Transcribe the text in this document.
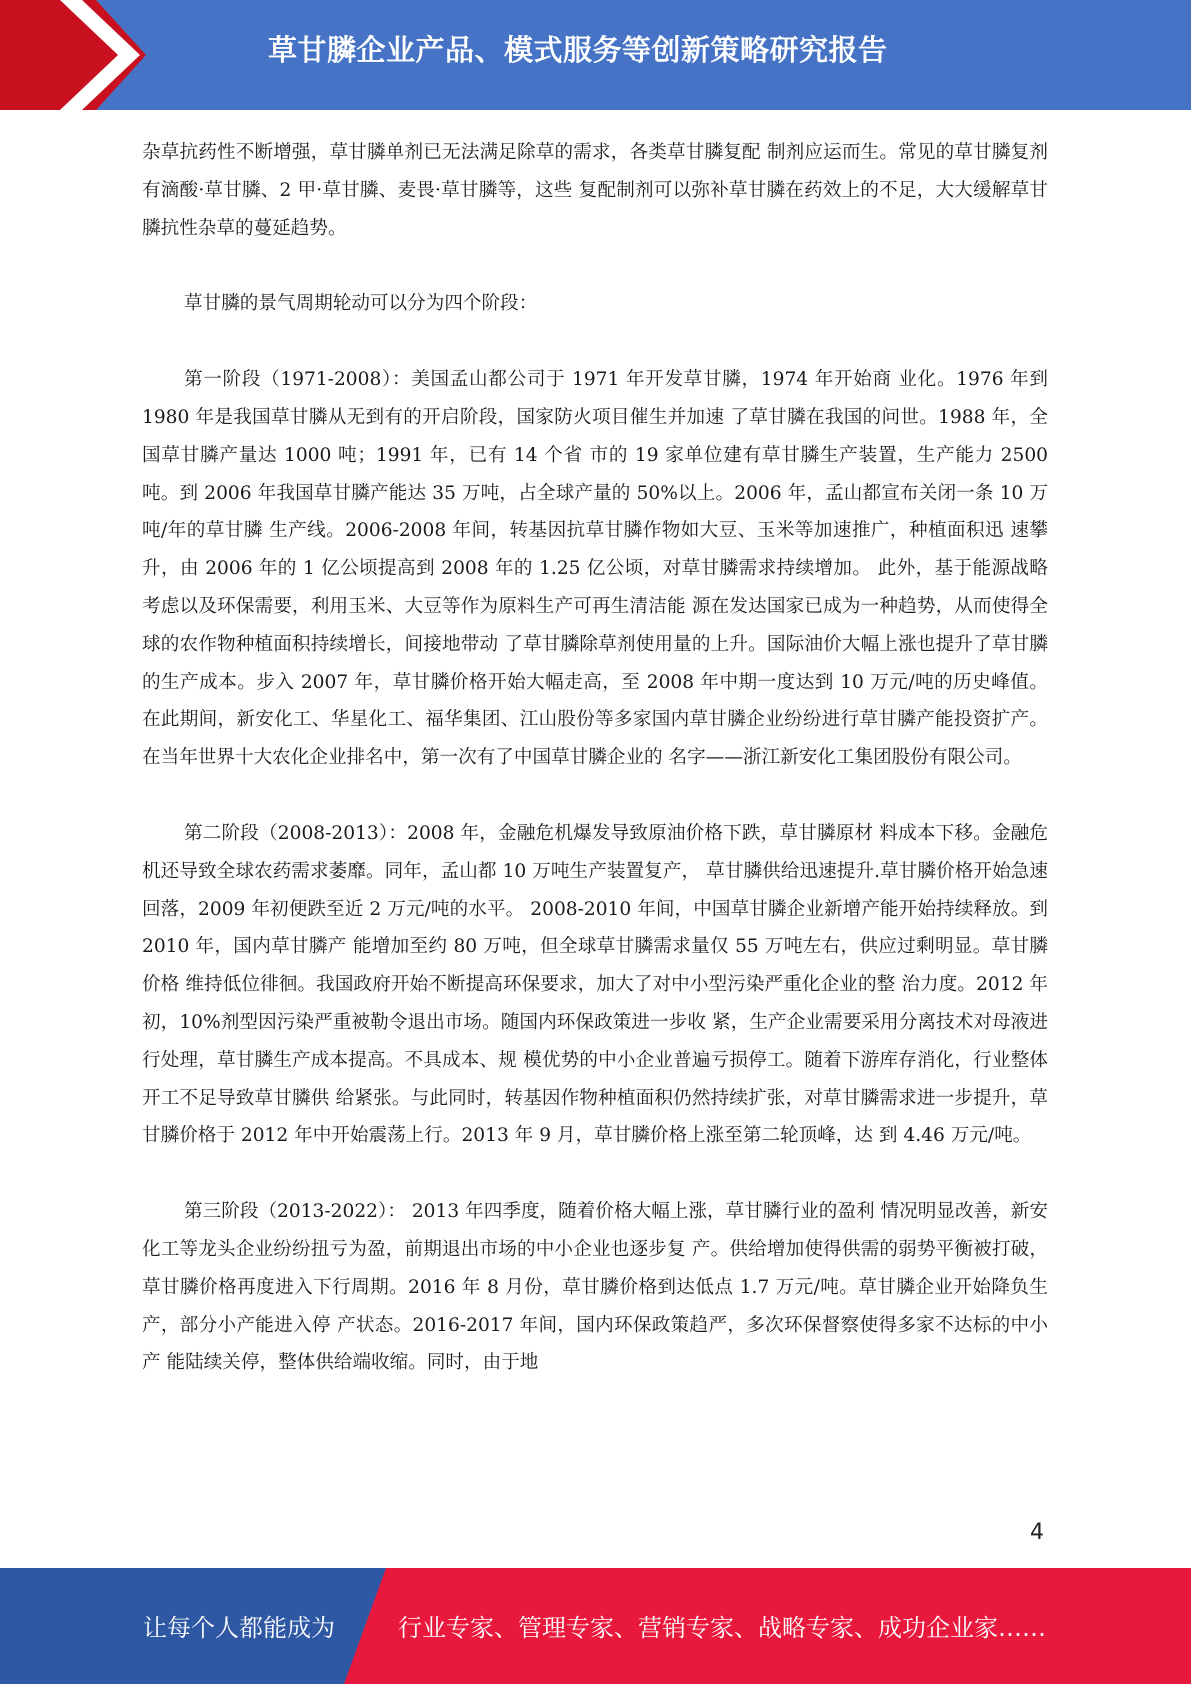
草甘膦企业产品、模式服务等创新策略研究报告

杂草抗药性不断增强，草甘膦单剂已无法满足除草的需求，各类草甘膦复配 制剂应运而生。常见的草甘膦复剂有滴酸·草甘膦、2 甲·草甘膦、麦畏·草甘膦等，这些 复配制剂可以弥补草甘膦在药效上的不足，大大缓解草甘膦抗性杂草的蔓延趋势。

草甘膦的景气周期轮动可以分为四个阶段：

第一阶段（1971-2008）：美国孟山都公司于 1971 年开发草甘膦，1974 年开始商 业化。1976 年到 1980 年是我国草甘膦从无到有的开启阶段，国家防火项目催生并加速 了草甘膦在我国的问世。1988 年，全国草甘膦产量达 1000 吨；1991 年，已有 14 个省 市的 19 家单位建有草甘膦生产装置，生产能力 2500 吨。到 2006 年我国草甘膦产能达 35 万吨，占全球产量的 50%以上。2006 年，孟山都宣布关闭一条 10 万吨/年的草甘膦 生产线。2006-2008 年间，转基因抗草甘膦作物如大豆、玉米等加速推广，种植面积迅 速攀升，由 2006 年的 1 亿公顷提高到 2008 年的 1.25 亿公顷，对草甘膦需求持续增加。 此外，基于能源战略考虑以及环保需要，利用玉米、大豆等作为原料生产可再生清洁能 源在发达国家已成为一种趋势，从而使得全球的农作物种植面积持续增长，间接地带动 了草甘膦除草剂使用量的上升。国际油价大幅上涨也提升了草甘膦的生产成本。步入 2007 年，草甘膦价格开始大幅走高，至 2008 年中期一度达到 10 万元/吨的历史峰值。 在此期间，新安化工、华星化工、福华集团、江山股份等多家国内草甘膦企业纷纷进行草甘膦产能投资扩产。在当年世界十大农化企业排名中，第一次有了中国草甘膦企业的 名字——浙江新安化工集团股份有限公司。

第二阶段（2008-2013）：2008 年，金融危机爆发导致原油价格下跌，草甘膦原材 料成本下移。金融危机还导致全球农药需求萎靡。同年，孟山都 10 万吨生产装置复产， 草甘膦供给迅速提升.草甘膦价格开始急速回落，2009 年初便跌至近 2 万元/吨的水平。 2008-2010 年间，中国草甘膦企业新增产能开始持续释放。到 2010 年，国内草甘膦产 能增加至约 80 万吨，但全球草甘膦需求量仅 55 万吨左右，供应过剩明显。草甘膦价格 维持低位徘徊。我国政府开始不断提高环保要求，加大了对中小型污染严重化企业的整 治力度。2012 年初，10%剂型因污染严重被勒令退出市场。随国内环保政策进一步收 紧，生产企业需要采用分离技术对母液进行处理，草甘膦生产成本提高。不具成本、规 模优势的中小企业普遍亏损停工。随着下游库存消化，行业整体开工不足导致草甘膦供 给紧张。与此同时，转基因作物种植面积仍然持续扩张，对草甘膦需求进一步提升，草 甘膦价格于 2012 年中开始震荡上行。2013 年 9 月，草甘膦价格上涨至第二轮顶峰，达 到 4.46 万元/吨。

第三阶段（2013-2022）： 2013 年四季度，随着价格大幅上涨，草甘膦行业的盈利 情况明显改善，新安化工等龙头企业纷纷扭亏为盈，前期退出市场的中小企业也逐步复 产。供给增加使得供需的弱势平衡被打破，草甘膦价格再度进入下行周期。2016 年 8 月份，草甘膦价格到达低点 1.7 万元/吨。草甘膦企业开始降负生产，部分小产能进入停 产状态。2016-2017 年间，国内环保政策趋严，多次环保督察使得多家不达标的中小产 能陆续关停，整体供给端收缩。同时，由于地

4
让每个人都能成为	行业专家、管理专家、营销专家、战略专家、成功企业家……
